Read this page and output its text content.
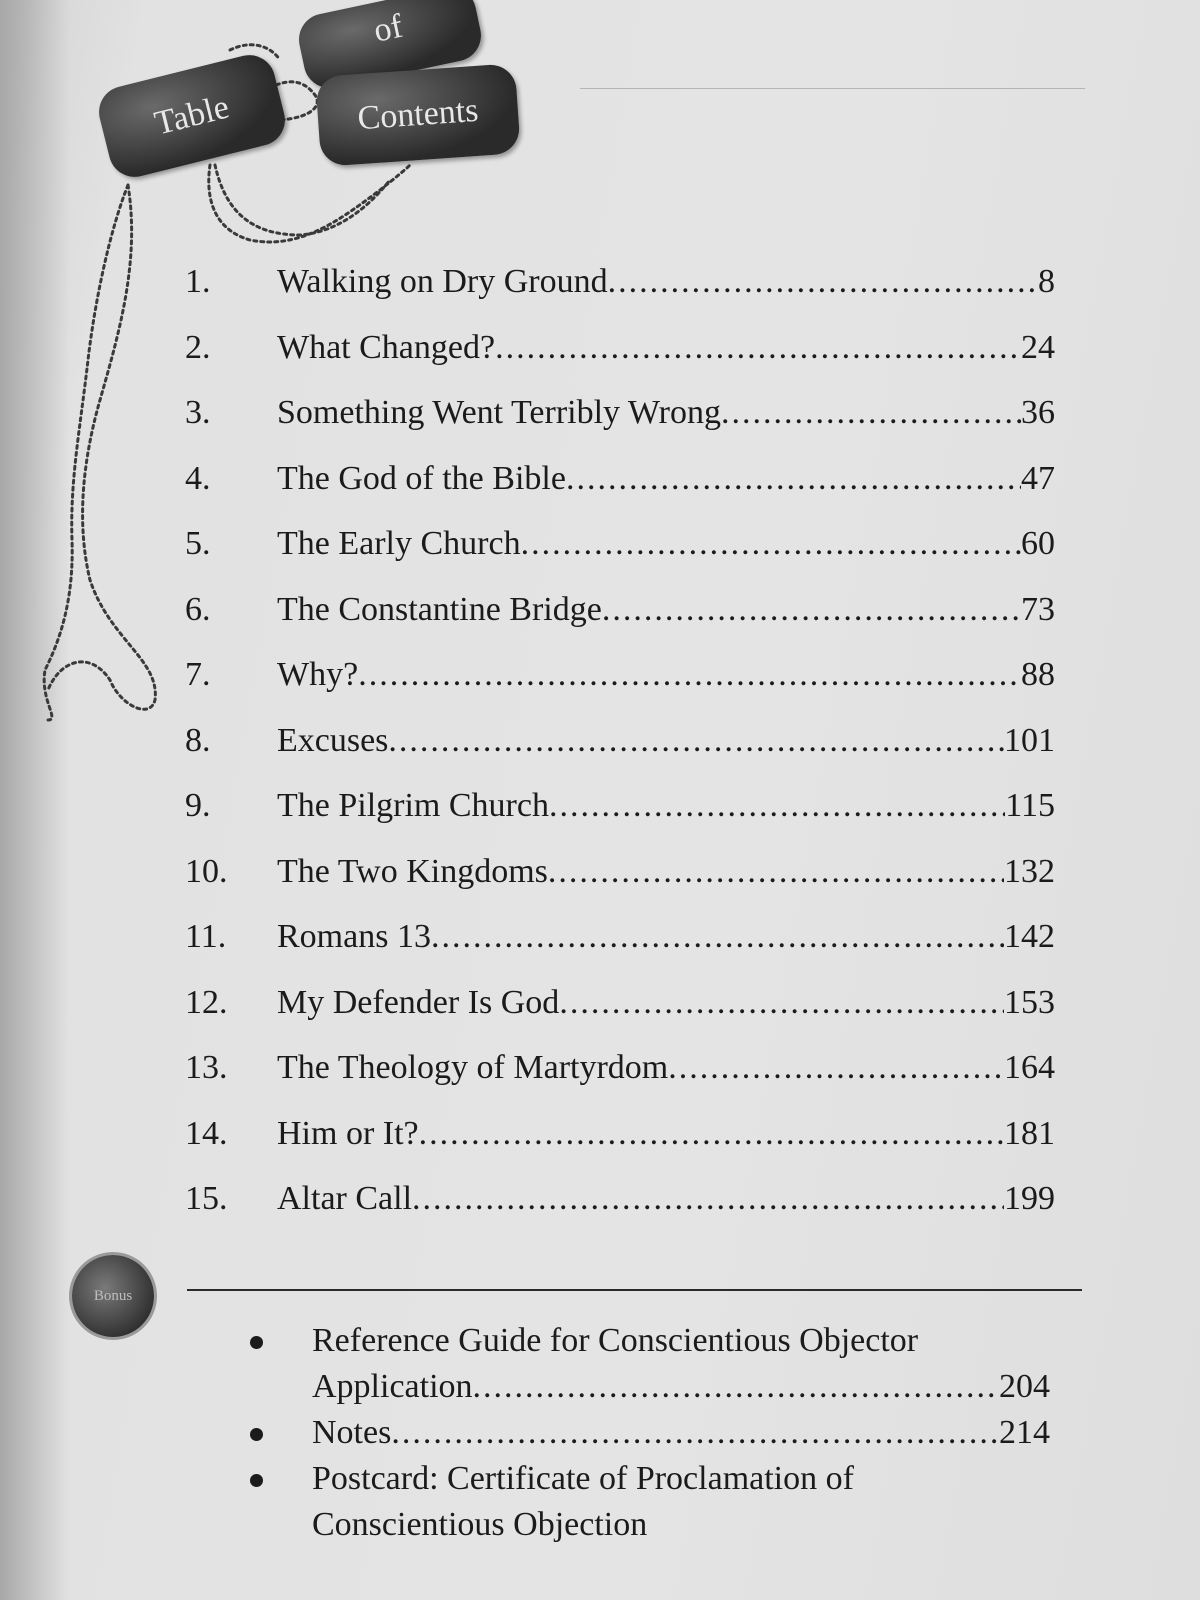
of
Table	Contents
1.	Walking on Dry Ground .....	8
2.	What Changed? .....	24
3.	Something Went Terribly Wrong .....	36
4.	The God of the Bible .....	47
5.	The Early Church .....	60
6.	The Constantine Bridge .....	73
7.	Why? .....	88
8.	Excuses .....	101
9.	The Pilgrim Church .....	115
10.	The Two Kingdoms .....	132
11.	Romans 13 .....	142
12.	My Defender Is God .....	153
13.	The Theology of Martyrdom .....	164
14.	Him or It? .....	181
15.	Altar Call .....	199
Bonus
Reference Guide for Conscientious Objector
Application .....	204
Notes .....	214
Postcard: Certificate of Proclamation of
Conscientious Objection
